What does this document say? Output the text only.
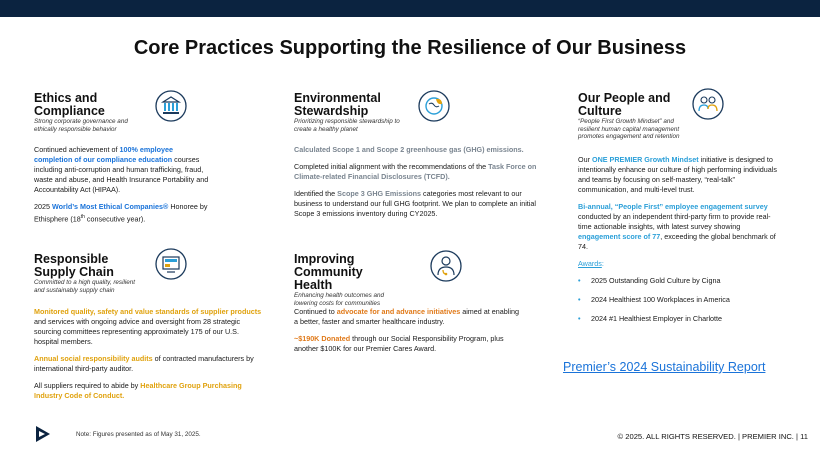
Core Practices Supporting the Resilience of Our Business
Ethics and
Compliance
Strong corporate governance and
ethically responsible behavior

Continued achievement of 100% employee completion of our compliance education courses including anti-corruption and human trafficking, fraud, waste and abuse, and Health Insurance Portability and Accountability Act (HIPAA).

2025 World’s Most Ethical Companies® Honoree by Ethisphere (18th consecutive year).

Responsible
Supply Chain
Committed to a high quality, resilient
and sustainably supply chain

Monitored quality, safety and value standards of supplier products and services with ongoing advice and oversight from 28 strategic sourcing committees representing approximately 175 of our U.S. hospital members.

Annual social responsibility audits of contracted manufacturers by international third-party auditor.

All suppliers required to abide by Healthcare Group Purchasing Industry Code of Conduct.

Environmental
Stewardship
Prioritizing responsible stewardship to
create a healthy planet

Calculated Scope 1 and Scope 2 greenhouse gas (GHG) emissions.

Completed initial alignment with the recommendations of the Task Force on Climate-related Financial Disclosures (TCFD).

Identified the Scope 3 GHG Emissions categories most relevant to our business to understand our full GHG footprint. We plan to complete an initial Scope 3 emissions inventory during CY2025.

Improving Community
Health
Enhancing health outcomes and
lowering costs for communities

Continued to advocate for and advance initiatives aimed at enabling a better, faster and smarter healthcare industry.

~$190K Donated through our Social Responsibility Program, plus another $100K for our Premier Cares Award.

Our People and
Culture
“People First Growth Mindset” and
resilient human capital management
promotes engagement and retention

Our ONE PREMIER Growth Mindset initiative is designed to intentionally enhance our culture of high performing individuals and teams by focusing on self-mastery, “real-talk” communication, and multi-level trust.

Bi-annual, “People First” employee engagement survey conducted by an independent third-party firm to provide real-time actionable insights, with latest survey showing engagement score of 77, exceeding the global benchmark of 74.

Awards:

• 2025 Outstanding Gold Culture by Cigna
• 2024 Healthiest 100 Workplaces in America
• 2024 #1 Healthiest Employer in Charlotte
Premier’s 2024 Sustainability Report
Note: Figures presented as of May 31, 2025.	© 2025. ALL RIGHTS RESERVED. | PREMIER INC. | 11
